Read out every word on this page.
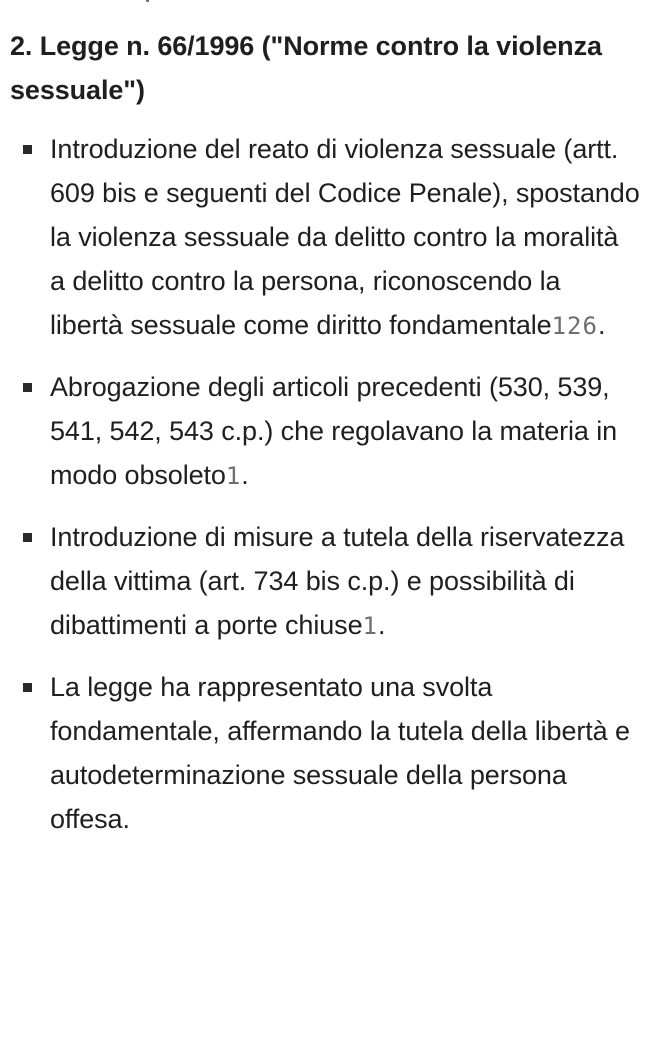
2. Legge n. 66/1996 ("Norme contro la violenza sessuale")
Introduzione del reato di violenza sessuale (artt. 609 bis e seguenti del Codice Penale), spostando la violenza sessuale da delitto contro la moralità a delitto contro la persona, riconoscendo la libertà sessuale come diritto fondamentale126.
Abrogazione degli articoli precedenti (530, 539, 541, 542, 543 c.p.) che regolavano la materia in modo obsoleto1.
Introduzione di misure a tutela della riservatezza della vittima (art. 734 bis c.p.) e possibilità di dibattimenti a porte chiuse1.
La legge ha rappresentato una svolta fondamentale, affermando la tutela della libertà e autodeterminazione sessuale della persona offesa.
